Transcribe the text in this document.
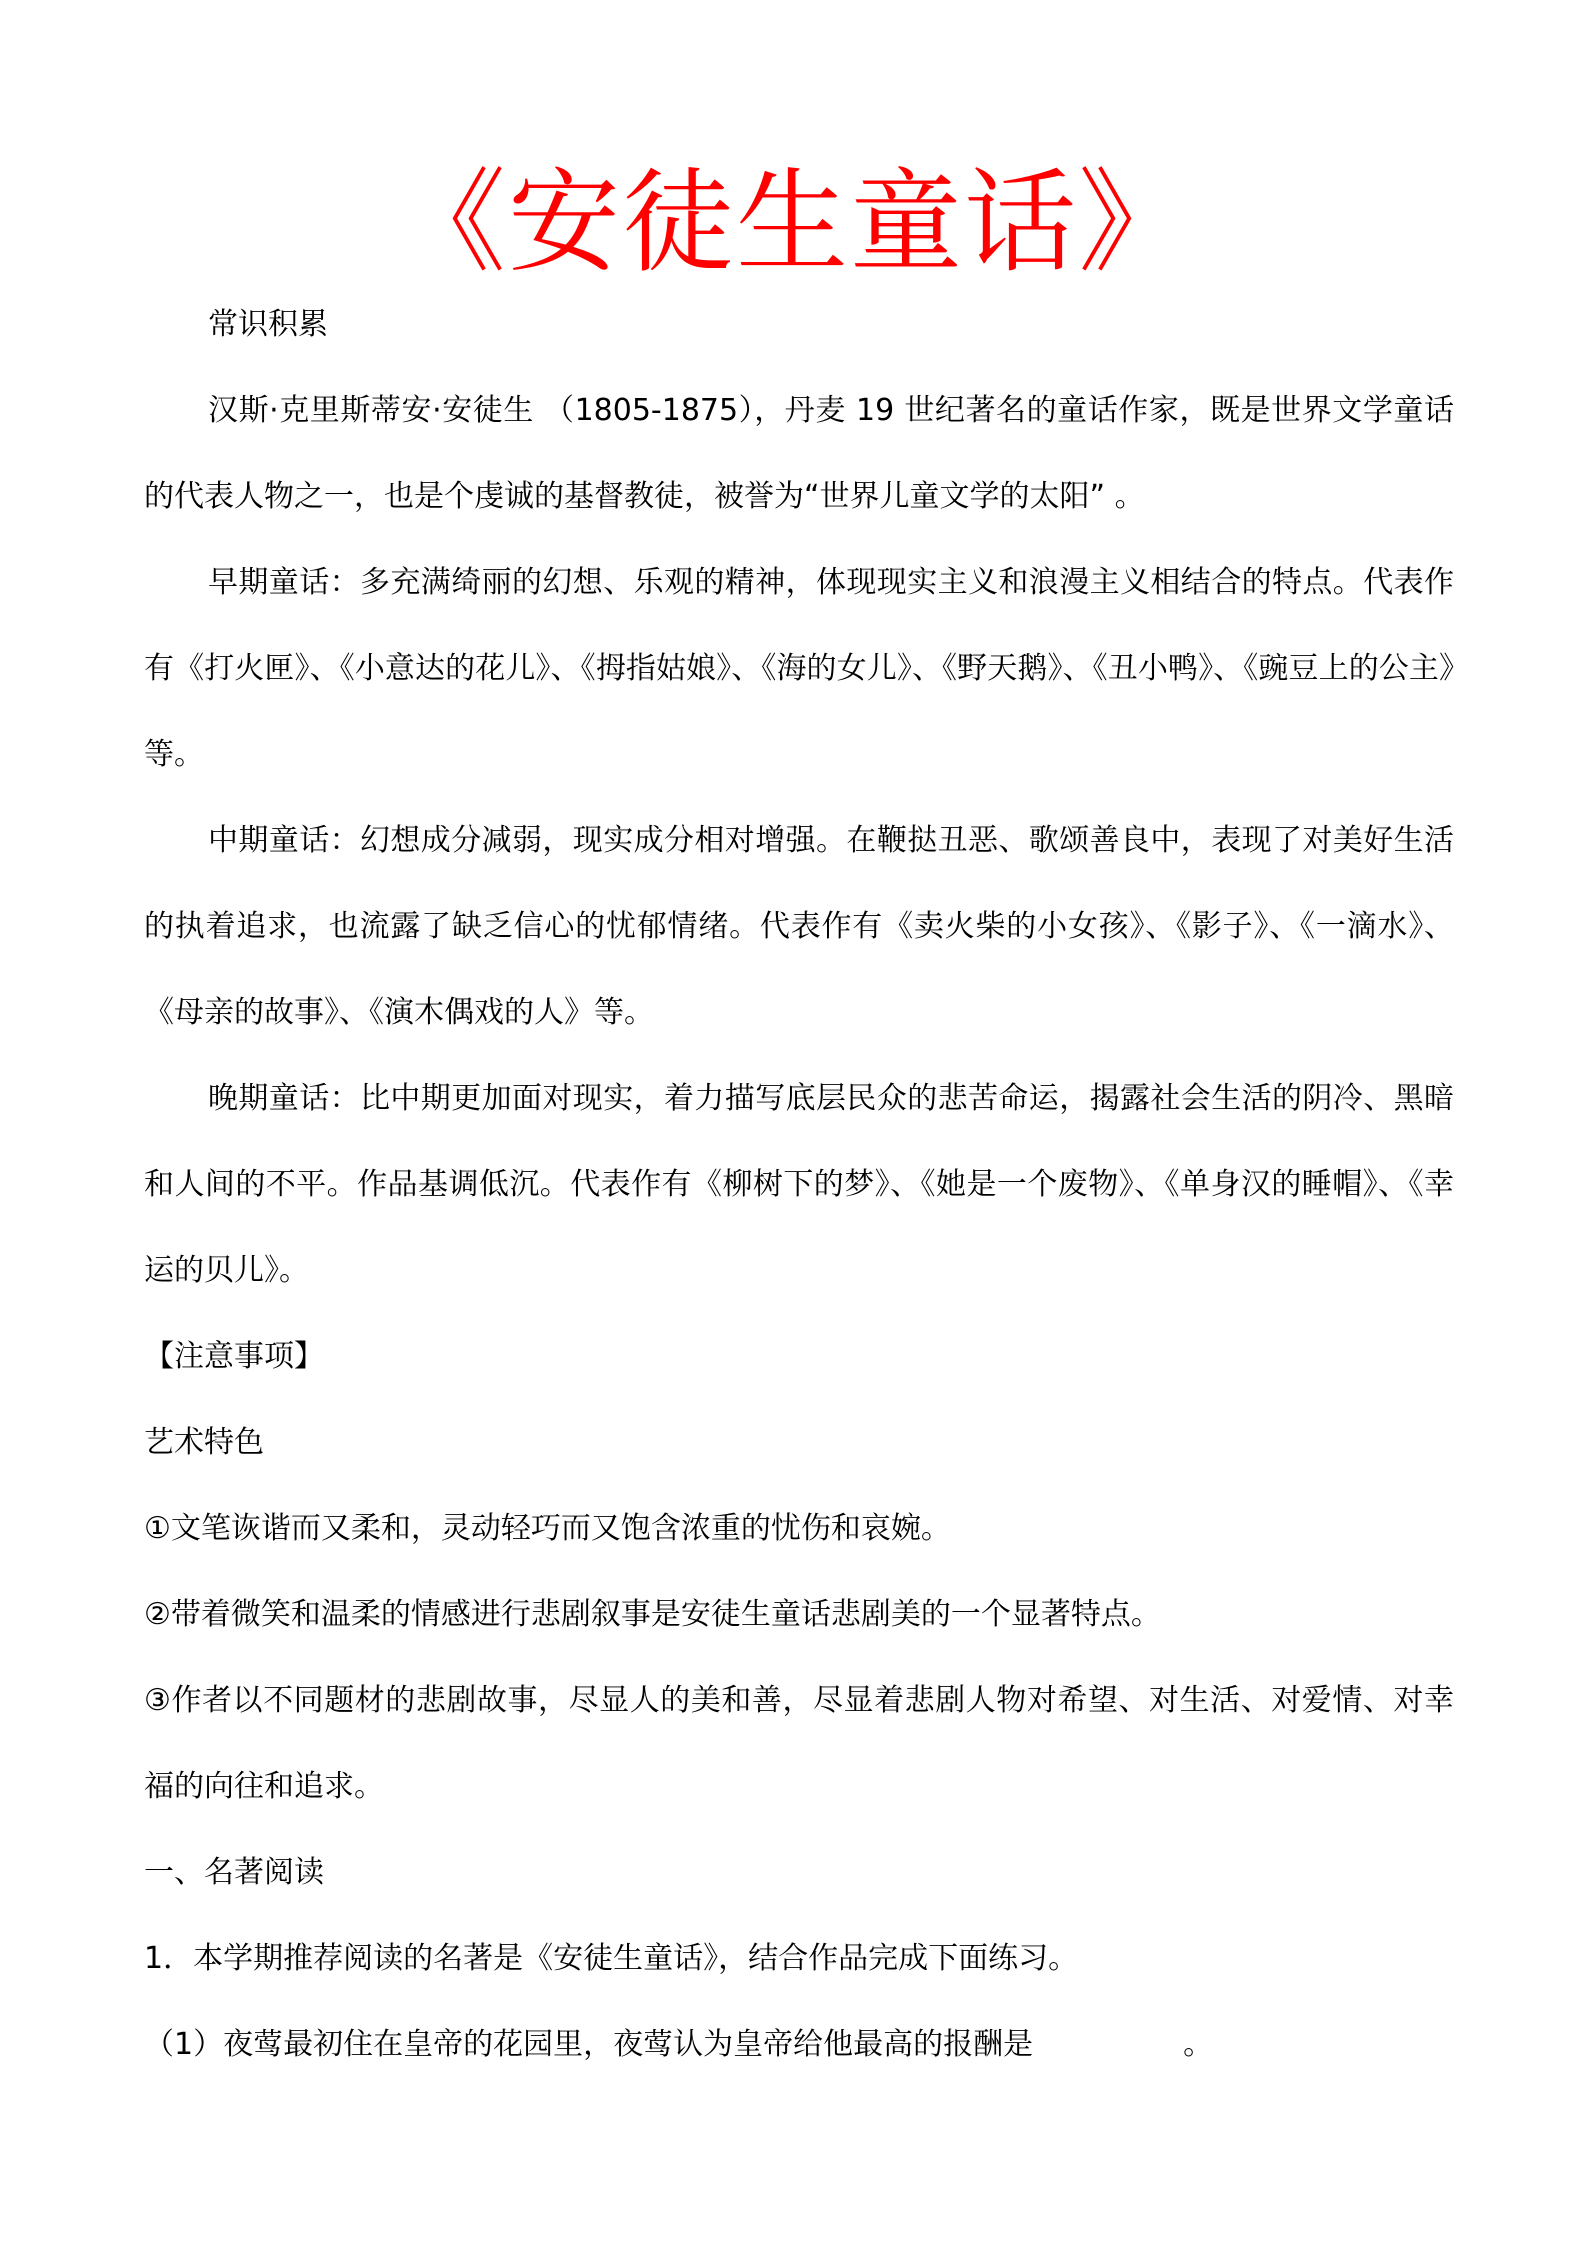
《安徒生童话》

常识积累

汉斯·克里斯蒂安·安徒生 （1805-1875），丹麦 19 世纪著名的童话作家，既是世界文学童话的代表人物之一，也是个虔诚的基督教徒，被誉为“世界儿童文学的太阳” 。

早期童话：多充满绮丽的幻想、乐观的精神，体现现实主义和浪漫主义相结合的特点。代表作有《打火匣》、《小意达的花儿》、《拇指姑娘》、《海的女儿》、《野天鹅》、《丑小鸭》、《豌豆上的公主》等。

中期童话：幻想成分减弱，现实成分相对增强。在鞭挞丑恶、歌颂善良中，表现了对美好生活的执着追求，也流露了缺乏信心的忧郁情绪。代表作有《卖火柴的小女孩》、《影子》、《一滴水》、《母亲的故事》、《演木偶戏的人》等。

晚期童话：比中期更加面对现实，着力描写底层民众的悲苦命运，揭露社会生活的阴冷、黑暗和人间的不平。作品基调低沉。代表作有《柳树下的梦》、《她是一个废物》、《单身汉的睡帽》、《幸运的贝儿》。

【注意事项】

艺术特色

①文笔诙谐而又柔和，灵动轻巧而又饱含浓重的忧伤和哀婉。

②带着微笑和温柔的情感进行悲剧叙事是安徒生童话悲剧美的一个显著特点。

③作者以不同题材的悲剧故事，尽显人的美和善，尽显着悲剧人物对希望、对生活、对爱情、对幸福的向往和追求。

一、名著阅读

1．本学期推荐阅读的名著是《安徒生童话》，结合作品完成下面练习。

（1）夜莺最初住在皇帝的花园里，夜莺认为皇帝给他最高的报酬是	。
